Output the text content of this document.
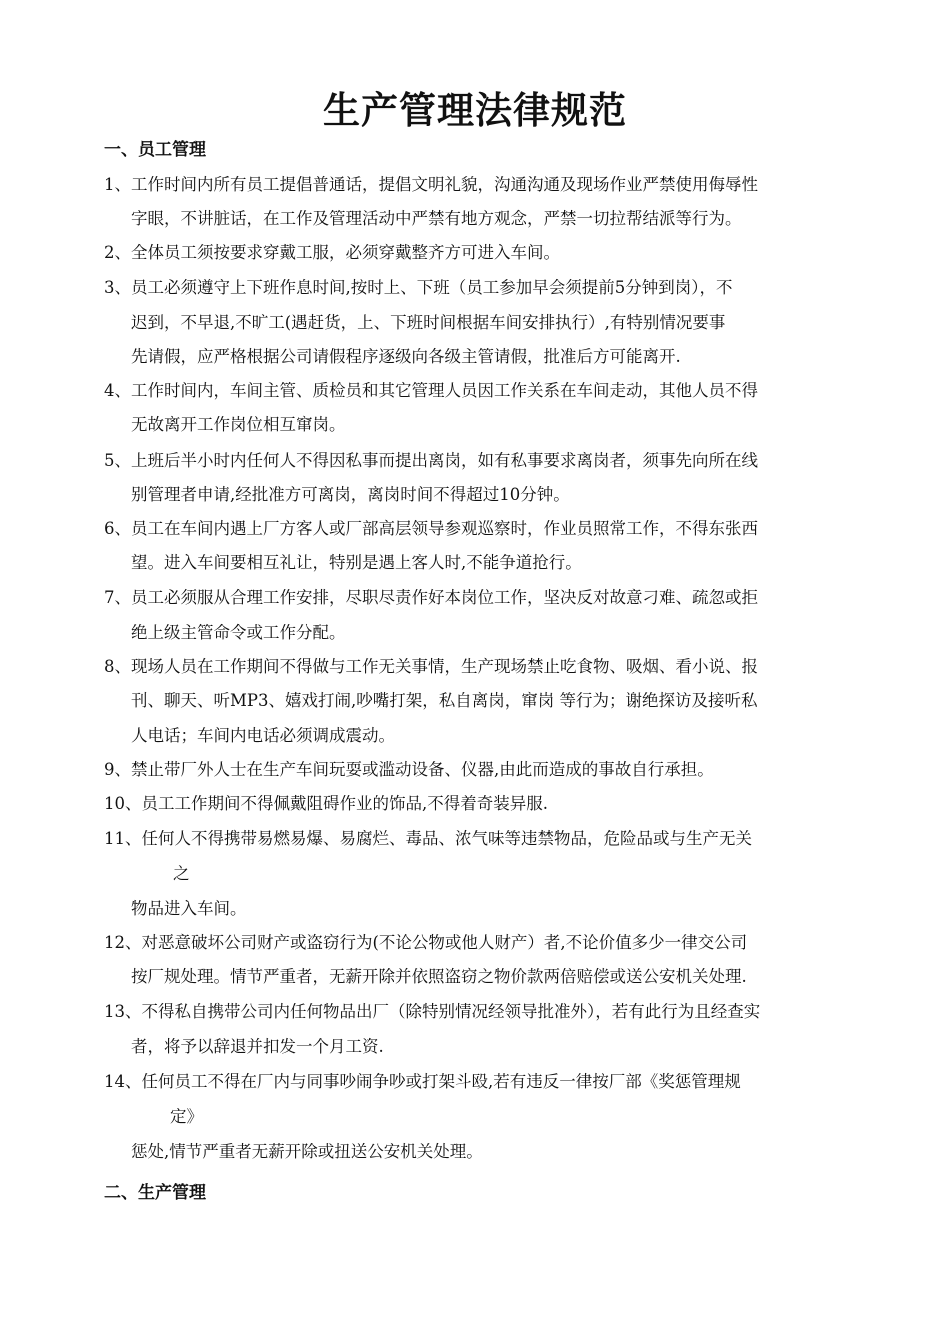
生产管理法律规范
一、员工管理

1、工作时间内所有员工提倡普通话，提倡文明礼貌，沟通沟通及现场作业严禁使用侮辱性

字眼，不讲脏话，在工作及管理活动中严禁有地方观念，严禁一切拉帮结派等行为。

2、全体员工须按要求穿戴工服，必须穿戴整齐方可进入车间。

3、员工必须遵守上下班作息时间,按时上、下班（员工参加早会须提前5分钟到岗），不

迟到，不早退,不旷工(遇赶货，上、下班时间根据车间安排执行）,有特别情况要事

先请假，应严格根据公司请假程序逐级向各级主管请假，批准后方可能离开.

4、工作时间内，车间主管、质检员和其它管理人员因工作关系在车间走动，其他人员不得

无故离开工作岗位相互窜岗。

5、上班后半小时内任何人不得因私事而提出离岗，如有私事要求离岗者，须事先向所在线

别管理者申请,经批准方可离岗，离岗时间不得超过10分钟。

6、员工在车间内遇上厂方客人或厂部高层领导参观巡察时，作业员照常工作，不得东张西

望。进入车间要相互礼让，特别是遇上客人时,不能争道抢行。

7、员工必须服从合理工作安排，尽职尽责作好本岗位工作，坚决反对故意刁难、疏忽或拒

绝上级主管命令或工作分配。

8、现场人员在工作期间不得做与工作无关事情，生产现场禁止吃食物、吸烟、看小说、报

刊、聊天、听MP3、嬉戏打闹,吵嘴打架，私自离岗，窜岗 等行为；谢绝探访及接听私

人电话；车间内电话必须调成震动。

9、禁止带厂外人士在生产车间玩耍或滥动设备、仪器,由此而造成的事故自行承担。

10、员工工作期间不得佩戴阻碍作业的饰品,不得着奇装异服.

11、任何人不得携带易燃易爆、易腐烂、毒品、浓气味等违禁物品，危险品或与生产无关

之

物品进入车间。

12、对恶意破坏公司财产或盗窃行为(不论公物或他人财产）者,不论价值多少一律交公司

按厂规处理。情节严重者，无薪开除并依照盗窃之物价款两倍赔偿或送公安机关处理.

13、不得私自携带公司内任何物品出厂（除特别情况经领导批准外），若有此行为且经查实

者，将予以辞退并扣发一个月工资.

14、任何员工不得在厂内与同事吵闹争吵或打架斗殴,若有违反一律按厂部《奖惩管理规

定》

惩处,情节严重者无薪开除或扭送公安机关处理。

二、生产管理
